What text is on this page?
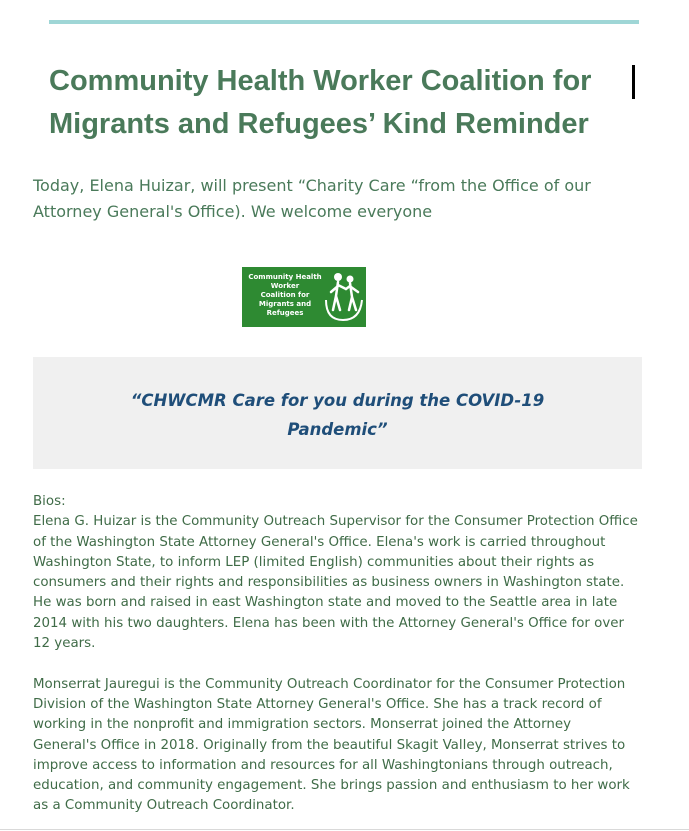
Community Health Worker Coalition for
Migrants and Refugees’ Kind Reminder

Today, Elena Huizar, will present “Charity Care “from the Office of our
Attorney General's Office). We welcome everyone

Community Health
Worker
Coalition for
Migrants and
Refugees

“CHWCMR Care for you during the COVID-19
Pandemic”

Bios:
Elena G. Huizar is the Community Outreach Supervisor for the Consumer Protection Office
of the Washington State Attorney General's Office. Elena's work is carried throughout
Washington State, to inform LEP (limited English) communities about their rights as
consumers and their rights and responsibilities as business owners in Washington state.
He was born and raised in east Washington state and moved to the Seattle area in late
2014 with his two daughters. Elena has been with the Attorney General's Office for over
12 years.
Monserrat Jauregui is the Community Outreach Coordinator for the Consumer Protection
Division of the Washington State Attorney General's Office. She has a track record of
working in the nonprofit and immigration sectors. Monserrat joined the Attorney
General's Office in 2018. Originally from the beautiful Skagit Valley, Monserrat strives to
improve access to information and resources for all Washingtonians through outreach,
education, and community engagement. She brings passion and enthusiasm to her work
as a Community Outreach Coordinator.
